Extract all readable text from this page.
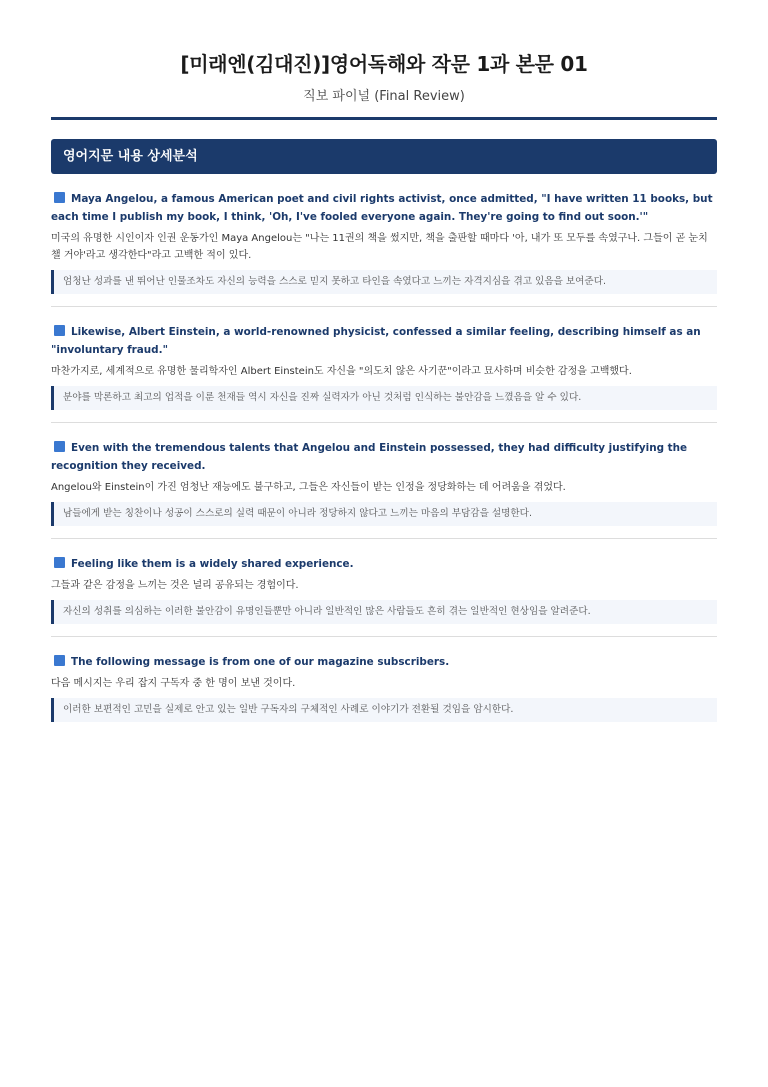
[미래엔(김대진)]영어독해와 작문 1과 본문 01

직보 파이널 (Final Review)

영어지문 내용 상세분석

Maya Angelou, a famous American poet and civil rights activist, once admitted, "I have written 11 books, but each time I publish my book, I think, 'Oh, I've fooled everyone again. They're going to find out soon.'"

미국의 유명한 시인이자 인권 운동가인 Maya Angelou는 "나는 11권의 책을 썼지만, 책을 출판할 때마다 '아, 내가 또 모두를 속였구나. 그들이 곧 눈치챌 거야'라고 생각한다"라고 고백한 적이 있다.

엄청난 성과를 낸 뛰어난 인물조차도 자신의 능력을 스스로 믿지 못하고 타인을 속였다고 느끼는 자격지심을 겪고 있음을 보여준다.

Likewise, Albert Einstein, a world-renowned physicist, confessed a similar feeling, describing himself as an "involuntary fraud."

마찬가지로, 세계적으로 유명한 물리학자인 Albert Einstein도 자신을 "의도치 않은 사기꾼"이라고 묘사하며 비슷한 감정을 고백했다.

분야를 막론하고 최고의 업적을 이룬 천재들 역시 자신을 진짜 실력자가 아닌 것처럼 인식하는 불안감을 느꼈음을 알 수 있다.

Even with the tremendous talents that Angelou and Einstein possessed, they had difficulty justifying the recognition they received.

Angelou와 Einstein이 가진 엄청난 재능에도 불구하고, 그들은 자신들이 받는 인정을 정당화하는 데 어려움을 겪었다.

남들에게 받는 칭찬이나 성공이 스스로의 실력 때문이 아니라 정당하지 않다고 느끼는 마음의 부담감을 설명한다.

Feeling like them is a widely shared experience.

그들과 같은 감정을 느끼는 것은 널리 공유되는 경험이다.

자신의 성취를 의심하는 이러한 불안감이 유명인들뿐만 아니라 일반적인 많은 사람들도 흔히 겪는 일반적인 현상임을 알려준다.

The following message is from one of our magazine subscribers.

다음 메시지는 우리 잡지 구독자 중 한 명이 보낸 것이다.

이러한 보편적인 고민을 실제로 안고 있는 일반 구독자의 구체적인 사례로 이야기가 전환될 것임을 암시한다.
